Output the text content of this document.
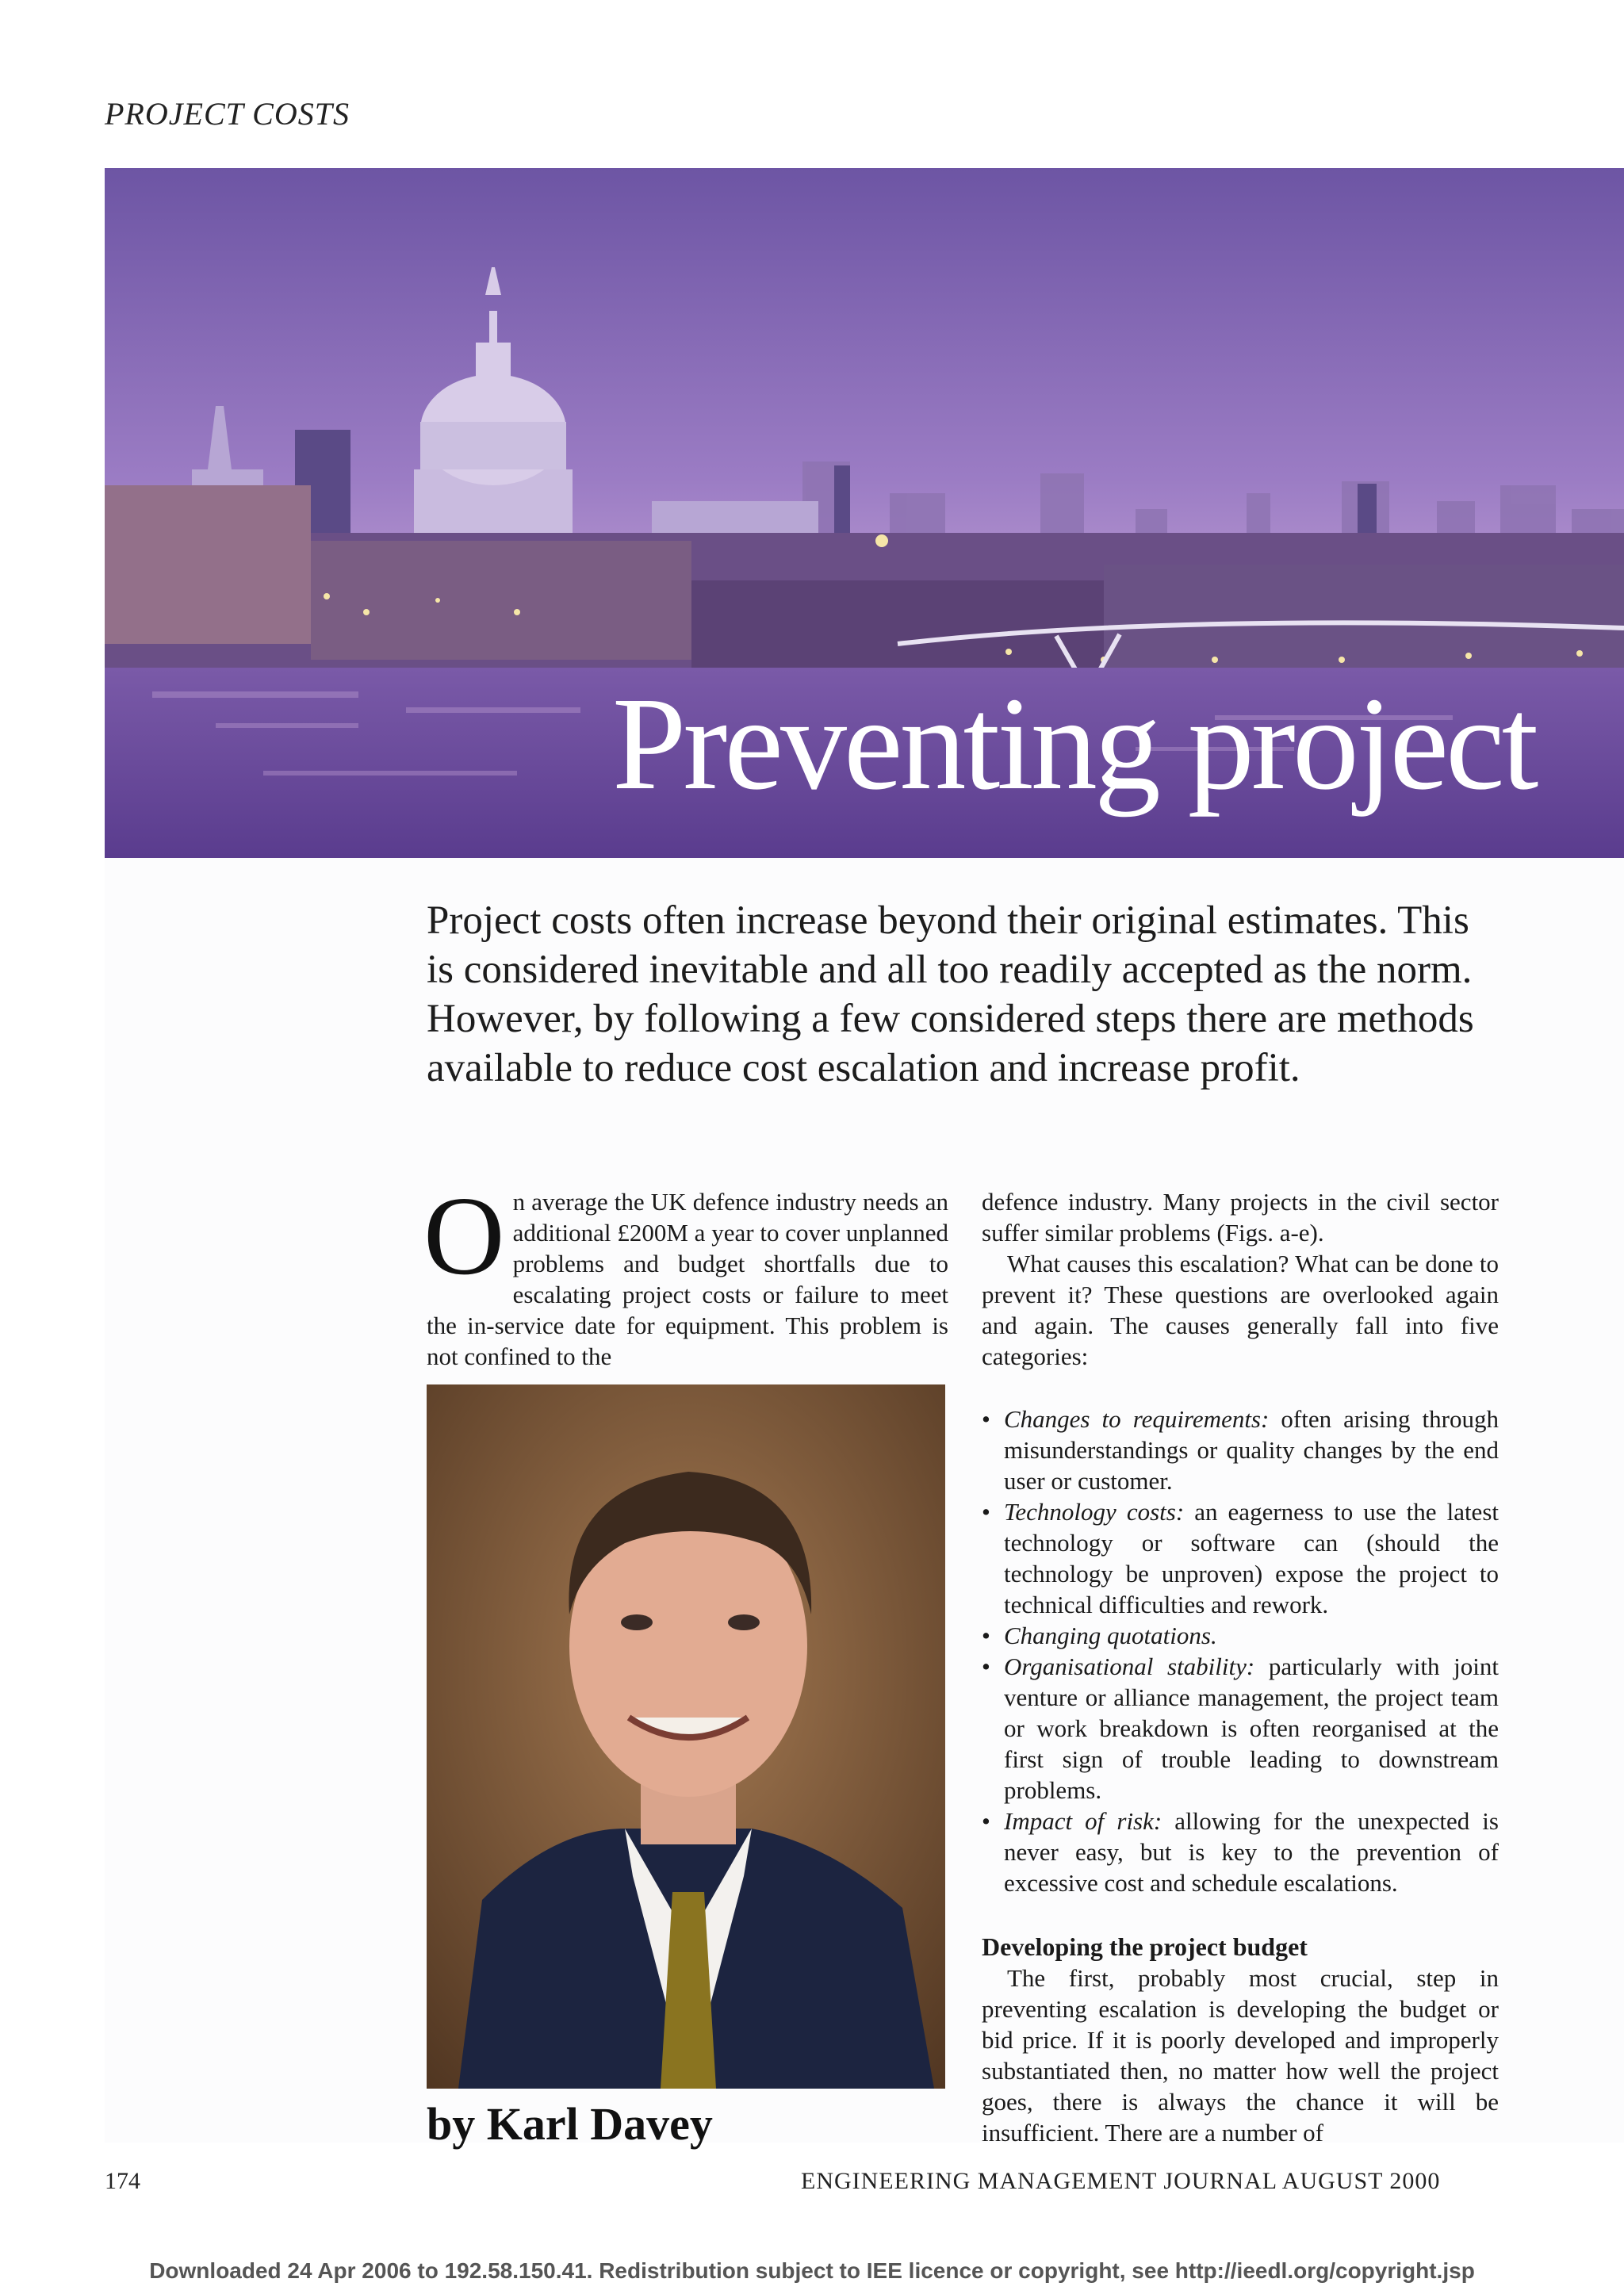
PROJECT COSTS
Preventing project
Project costs often increase beyond their original estimates. This is considered inevitable and all too readily accepted as the norm. However, by following a few considered steps there are methods available to reduce cost escalation and increase profit.

On average the UK defence industry needs an additional £200M a year to cover unplanned problems and budget shortfalls due to escalating project costs or failure to meet the in-service date for equipment. This problem is not confined to the

by Karl Davey

defence industry. Many projects in the civil sector suffer similar problems (Figs. a-e).

What causes this escalation? What can be done to prevent it? These questions are overlooked again and again. The causes generally fall into five categories:

• Changes to requirements: often arising through misunderstandings or quality changes by the end user or customer.
• Technology costs: an eagerness to use the latest technology or software can (should the technology be unproven) expose the project to technical difficulties and rework.
• Changing quotations.
• Organisational stability: particularly with joint venture or alliance management, the project team or work breakdown is often reorganised at the first sign of trouble leading to downstream problems.
• Impact of risk: allowing for the unexpected is never easy, but is key to the prevention of excessive cost and schedule escalations.

Developing the project budget

The first, probably most crucial, step in preventing escalation is developing the budget or bid price. If it is poorly developed and improperly substantiated then, no matter how well the project goes, there is always the chance it will be insufficient. There are a number of

174	ENGINEERING MANAGEMENT JOURNAL AUGUST 2000
Downloaded 24 Apr 2006 to 192.58.150.41. Redistribution subject to IEE licence or copyright, see http://ieedl.org/copyright.jsp
